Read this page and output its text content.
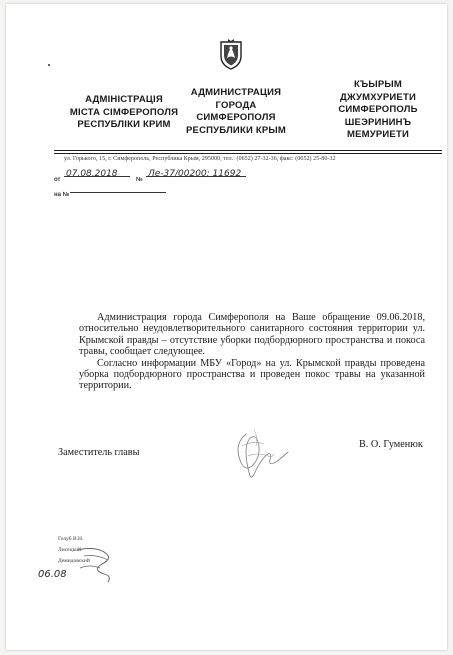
АДМІНІСТРАЦІЯ
МІСТА СІМФЕРОПОЛЯ
РЕСПУБЛІКИ КРИМ
АДМИНИСТРАЦИЯ
ГОРОДА
СИМФЕРОПОЛЯ
РЕСПУБЛИКИ КРЫМ
КЪЫРЫМ
ДЖУМХУРИЕТИ
СИМФЕРОПОЛЬ
ШЕЭРИНИНЪ
МЕМУРИЕТИ
ул. Горького, 15, г. Симферополь, Республика Крым, 295000, тел.: (0652) 27-32-36, факс: (0652) 25-80-32
от
07.08.2018
№
Ле-37/00200; 11692
на №

Администрация города Симферополя на Ваше обращение 09.06.2018, относительно неудовлетворительного санитарного состояния территории ул. Крымской правды – отсутствие уборки подбордюрного пространства и покоса травы, сообщает следующее.

Согласно информации МБУ «Город» на ул. Крымской правды проведена уборка подбордюрного пространства и проведен покос травы на указанной территории.

Заместитель главы
В. О. Гуменюк
Голуб В.Н.
Лисецкий
Демидовский
06.08
